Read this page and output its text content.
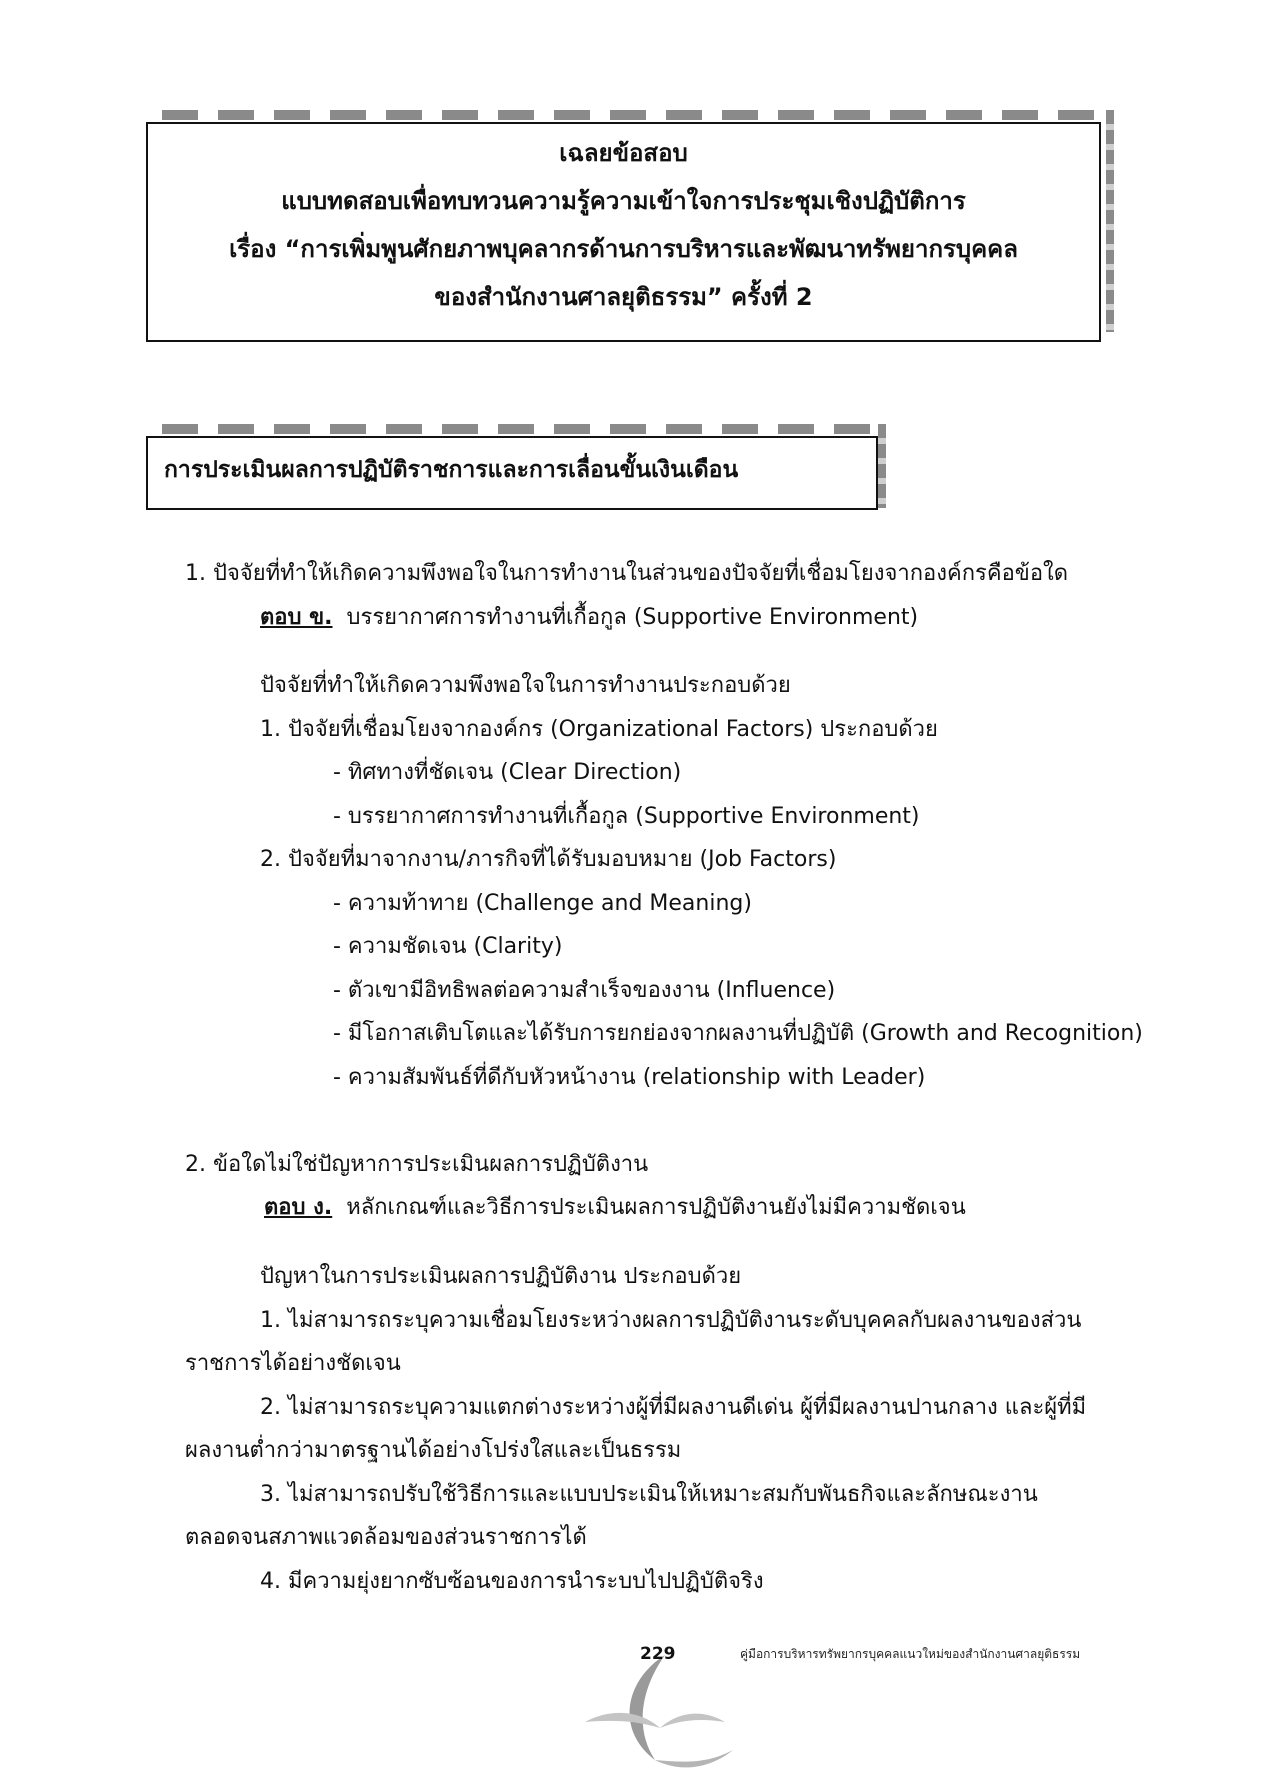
เฉลยข้อสอบ
แบบทดสอบเพื่อทบทวนความรู้ความเข้าใจการประชุมเชิงปฏิบัติการ
เรื่อง “การเพิ่มพูนศักยภาพบุคลากรด้านการบริหารและพัฒนาทรัพยากรบุคคล
ของสำนักงานศาลยุติธรรม” ครั้งที่ 2
การประเมินผลการปฏิบัติราชการและการเลื่อนขั้นเงินเดือน
1. ปัจจัยที่ทำให้เกิดความพึงพอใจในการทำงานในส่วนของปัจจัยที่เชื่อมโยงจากองค์กรคือข้อใด
ตอบ ข. บรรยากาศการทำงานที่เกื้อกูล (Supportive Environment)
ปัจจัยที่ทำให้เกิดความพึงพอใจในการทำงานประกอบด้วย
1. ปัจจัยที่เชื่อมโยงจากองค์กร (Organizational Factors) ประกอบด้วย
- ทิศทางที่ชัดเจน (Clear Direction)
- บรรยากาศการทำงานที่เกื้อกูล (Supportive Environment)
2. ปัจจัยที่มาจากงาน/ภารกิจที่ได้รับมอบหมาย (Job Factors)
- ความท้าทาย (Challenge and Meaning)
- ความชัดเจน (Clarity)
- ตัวเขามีอิทธิพลต่อความสำเร็จของงาน (Influence)
- มีโอกาสเติบโตและได้รับการยกย่องจากผลงานที่ปฏิบัติ (Growth and Recognition)
- ความสัมพันธ์ที่ดีกับหัวหน้างาน (relationship with Leader)
2. ข้อใดไม่ใช่ปัญหาการประเมินผลการปฏิบัติงาน
ตอบ ง. หลักเกณฑ์และวิธีการประเมินผลการปฏิบัติงานยังไม่มีความชัดเจน
ปัญหาในการประเมินผลการปฏิบัติงาน ประกอบด้วย
1. ไม่สามารถระบุความเชื่อมโยงระหว่างผลการปฏิบัติงานระดับบุคคลกับผลงานของส่วน
ราชการได้อย่างชัดเจน
2. ไม่สามารถระบุความแตกต่างระหว่างผู้ที่มีผลงานดีเด่น ผู้ที่มีผลงานปานกลาง และผู้ที่มี
ผลงานต่ำกว่ามาตรฐานได้อย่างโปร่งใสและเป็นธรรม
3. ไม่สามารถปรับใช้วิธีการและแบบประเมินให้เหมาะสมกับพันธกิจและลักษณะงาน
ตลอดจนสภาพแวดล้อมของส่วนราชการได้
4. มีความยุ่งยากซับซ้อนของการนำระบบไปปฏิบัติจริง
229	คู่มือการบริหารทรัพยากรบุคคลแนวใหม่ของสำนักงานศาลยุติธรรม
